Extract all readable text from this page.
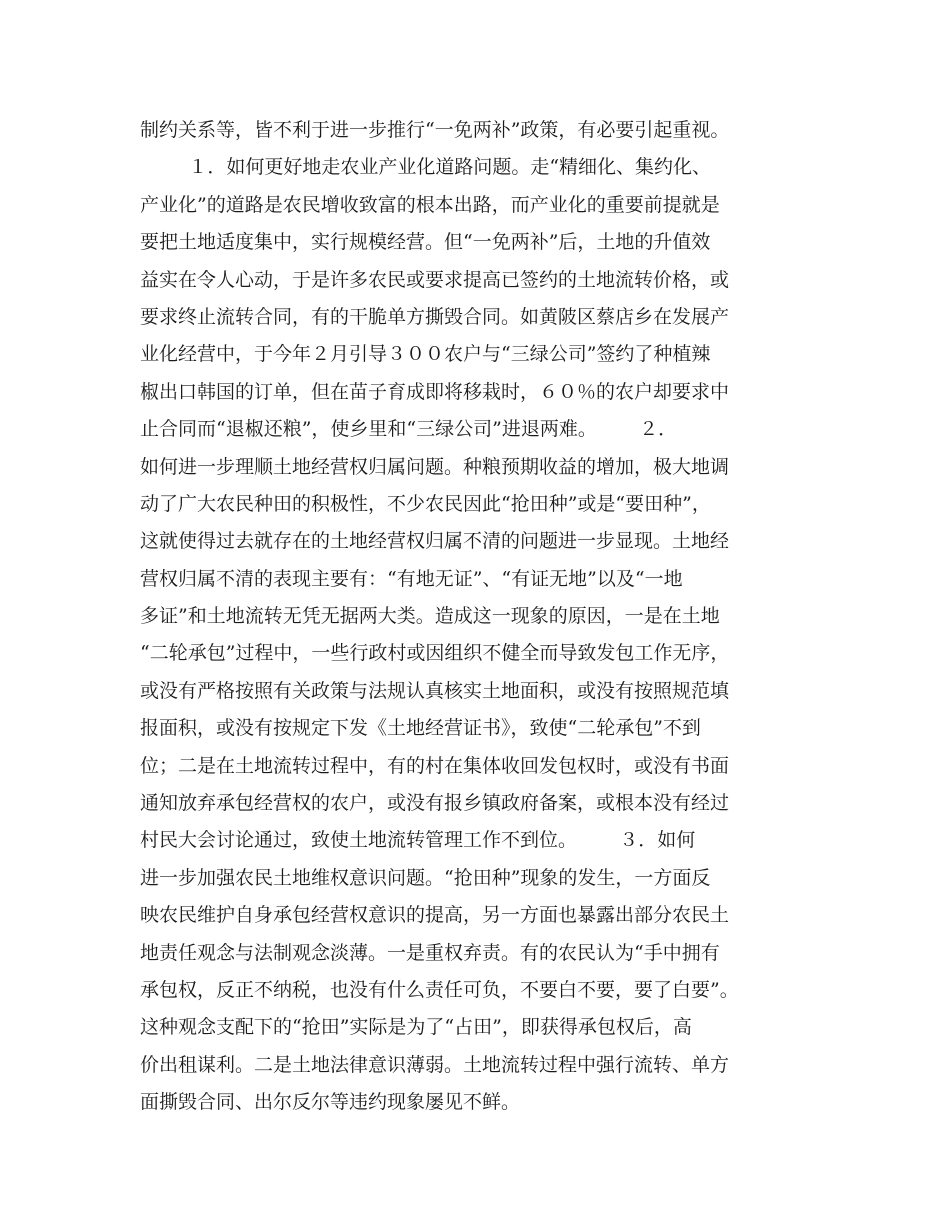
制约关系等，皆不利于进一步推行“一免两补”政策，有必要引起重视。
１．如何更好地走农业产业化道路问题。走“精细化、集约化、
产业化”的道路是农民增收致富的根本出路，而产业化的重要前提就是
要把土地适度集中，实行规模经营。但“一免两补”后，土地的升值效
益实在令人心动，于是许多农民或要求提高已签约的土地流转价格，或
要求终止流转合同，有的干脆单方撕毁合同。如黄陂区蔡店乡在发展产
业化经营中，于今年２月引导３００农户与“三绿公司”签约了种植辣
椒出口韩国的订单，但在苗子育成即将移栽时，６０％的农户却要求中
止合同而“退椒还粮”，使乡里和“三绿公司”进退两难。       ２．
如何进一步理顺土地经营权归属问题。种粮预期收益的增加，极大地调
动了广大农民种田的积极性，不少农民因此“抢田种”或是“要田种”，
这就使得过去就存在的土地经营权归属不清的问题进一步显现。土地经
营权归属不清的表现主要有：“有地无证”、“有证无地”以及“一地
多证”和土地流转无凭无据两大类。造成这一现象的原因，一是在土地
“二轮承包”过程中，一些行政村或因组织不健全而导致发包工作无序，
或没有严格按照有关政策与法规认真核实土地面积，或没有按照规范填
报面积，或没有按规定下发《土地经营证书》，致使“二轮承包”不到
位；二是在土地流转过程中，有的村在集体收回发包权时，或没有书面
通知放弃承包经营权的农户，或没有报乡镇政府备案，或根本没有经过
村民大会讨论通过，致使土地流转管理工作不到位。       ３．如何
进一步加强农民土地维权意识问题。“抢田种”现象的发生，一方面反
映农民维护自身承包经营权意识的提高，另一方面也暴露出部分农民土
地责任观念与法制观念淡薄。一是重权弃责。有的农民认为“手中拥有
承包权，反正不纳税，也没有什么责任可负，不要白不要，要了白要”。
这种观念支配下的“抢田”实际是为了“占田”，即获得承包权后，高
价出租谋利。二是土地法律意识薄弱。土地流转过程中强行流转、单方
面撕毁合同、出尔反尔等违约现象屡见不鲜。
